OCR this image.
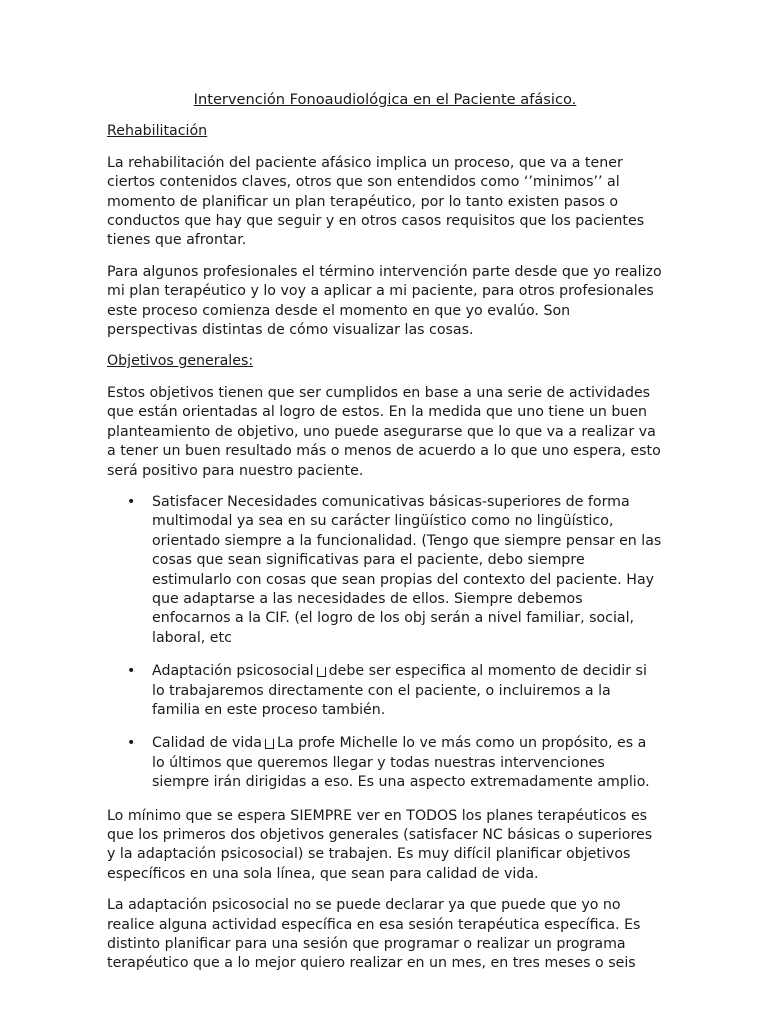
Intervención Fonoaudiológica en el Paciente afásico.
Rehabilitación

La rehabilitación del paciente afásico implica un proceso, que va a tener ciertos contenidos claves, otros que son entendidos como ‘’minimos’’ al momento de planificar un plan terapéutico, por lo tanto existen pasos o conductos que hay que seguir y en otros casos requisitos que los pacientes tienes que afrontar.

Para algunos profesionales el término intervención parte desde que yo realizo mi plan terapéutico y lo voy a aplicar a mi paciente, para otros profesionales este proceso comienza desde el momento en que yo evalúo. Son perspectivas distintas de cómo visualizar las cosas.

Objetivos generales:

Estos objetivos tienen que ser cumplidos en base a una serie de actividades que están orientadas al logro de estos. En la medida que uno tiene un buen planteamiento de objetivo, uno puede asegurarse que lo que va a realizar va a tener un buen resultado más o menos de acuerdo a lo que uno espera, esto será positivo para nuestro paciente.

• Satisfacer Necesidades comunicativas básicas-superiores de forma multimodal ya sea en su carácter lingüístico como no lingüístico, orientado siempre a la funcionalidad. (Tengo que siempre pensar en las cosas que sean significativas para el paciente, debo siempre estimularlo con cosas que sean propias del contexto del paciente. Hay que adaptarse a las necesidades de ellos. Siempre debemos enfocarnos a la CIF. (el logro de los obj serán a nivel familiar, social, laboral, etc
• Adaptación psicosocial debe ser especifica al momento de decidir si lo trabajaremos directamente con el paciente, o incluiremos a la familia en este proceso también.
• Calidad de vida La profe Michelle lo ve más como un propósito, es a lo últimos que queremos llegar y todas nuestras intervenciones siempre irán dirigidas a eso. Es una aspecto extremadamente amplio.

Lo mínimo que se espera SIEMPRE ver en TODOS los planes terapéuticos es que los primeros dos objetivos generales (satisfacer NC básicas o superiores y la adaptación psicosocial) se trabajen. Es muy difícil planificar objetivos específicos en una sola línea, que sean para calidad de vida.

La adaptación psicosocial no se puede declarar ya que puede que yo no realice alguna actividad específica en esa sesión terapéutica específica. Es distinto planificar para una sesión que programar o realizar un programa terapéutico que a lo mejor quiero realizar en un mes, en tres meses o seis
